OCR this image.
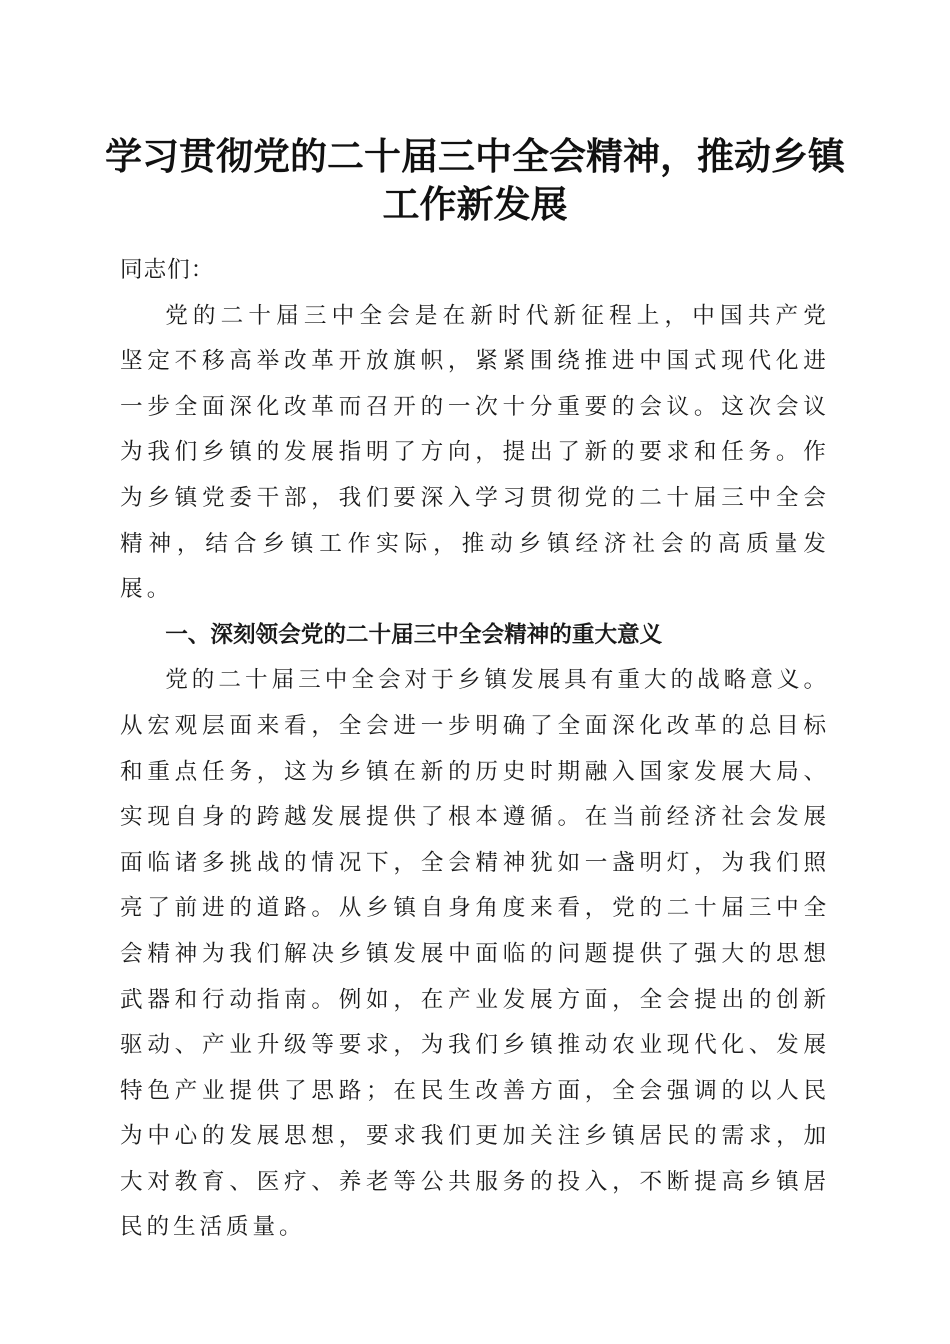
学习贯彻党的二十届三中全会精神，推动乡镇
工作新发展

同志们：

党的二十届三中全会是在新时代新征程上，中国共产党坚定不移高举改革开放旗帜，紧紧围绕推进中国式现代化进一步全面深化改革而召开的一次十分重要的会议。这次会议为我们乡镇的发展指明了方向，提出了新的要求和任务。作为乡镇党委干部，我们要深入学习贯彻党的二十届三中全会精神，结合乡镇工作实际，推动乡镇经济社会的高质量发展。

一、深刻领会党的二十届三中全会精神的重大意义

党的二十届三中全会对于乡镇发展具有重大的战略意义。从宏观层面来看，全会进一步明确了全面深化改革的总目标和重点任务，这为乡镇在新的历史时期融入国家发展大局、实现自身的跨越发展提供了根本遵循。在当前经济社会发展面临诸多挑战的情况下，全会精神犹如一盏明灯，为我们照亮了前进的道路。从乡镇自身角度来看，党的二十届三中全会精神为我们解决乡镇发展中面临的问题提供了强大的思想武器和行动指南。例如，在产业发展方面，全会提出的创新驱动、产业升级等要求，为我们乡镇推动农业现代化、发展特色产业提供了思路；在民生改善方面，全会强调的以人民为中心的发展思想，要求我们更加关注乡镇居民的需求，加大对教育、医疗、养老等公共服务的投入，不断提高乡镇居民的生活质量。
